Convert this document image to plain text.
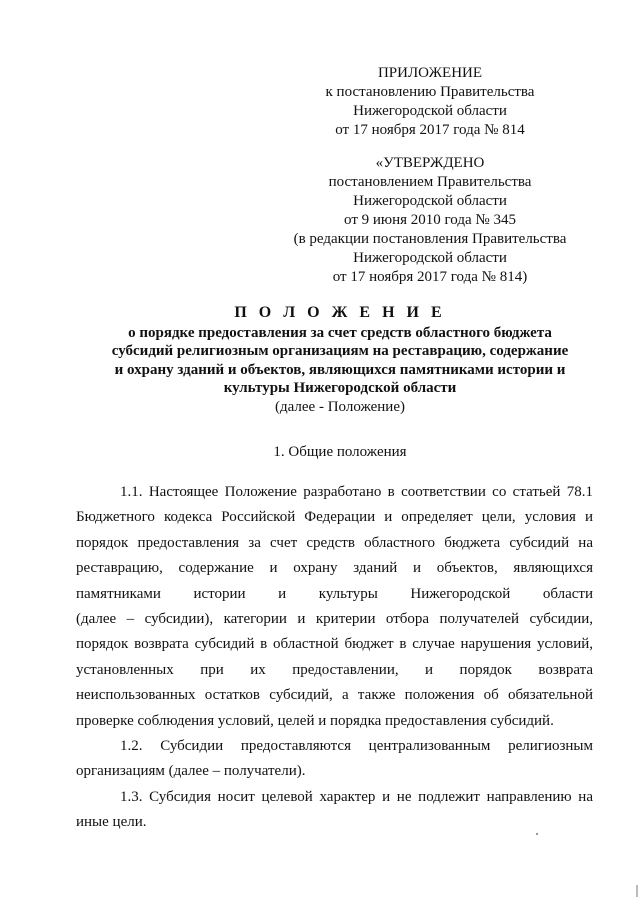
ПРИЛОЖЕНИЕ
к постановлению Правительства
Нижегородской области
от 17 ноября 2017 года № 814
«УТВЕРЖДЕНО
постановлением Правительства
Нижегородской области
от 9 июня 2010 года № 345
(в редакции постановления Правительства
Нижегородской области
от 17 ноября 2017 года № 814)
П О Л О Ж Е Н И Е
о порядке предоставления за счет средств областного бюджета
субсидий религиозным организациям на реставрацию, содержание
и охрану зданий и объектов, являющихся памятниками истории и
культуры Нижегородской области
(далее - Положение)
1. Общие положения
1.1. Настоящее Положение разработано в соответствии со статьей 78.1
Бюджетного кодекса Российской Федерации и определяет цели, условия и
порядок предоставления за счет средств областного бюджета субсидий на
реставрацию, содержание и охрану зданий и объектов, являющихся
памятниками истории и культуры Нижегородской области
(далее – субсидии), категории и критерии отбора получателей субсидии,
порядок возврата субсидий в областной бюджет в случае нарушения условий,
установленных при их предоставлении, и порядок возврата
неиспользованных остатков субсидий, а также положения об обязательной
проверке соблюдения условий, целей и порядка предоставления субсидий.
1.2. Субсидии предоставляются централизованным религиозным
организациям (далее – получатели).
1.3. Субсидия носит целевой характер и не подлежит направлению на
иные цели.
